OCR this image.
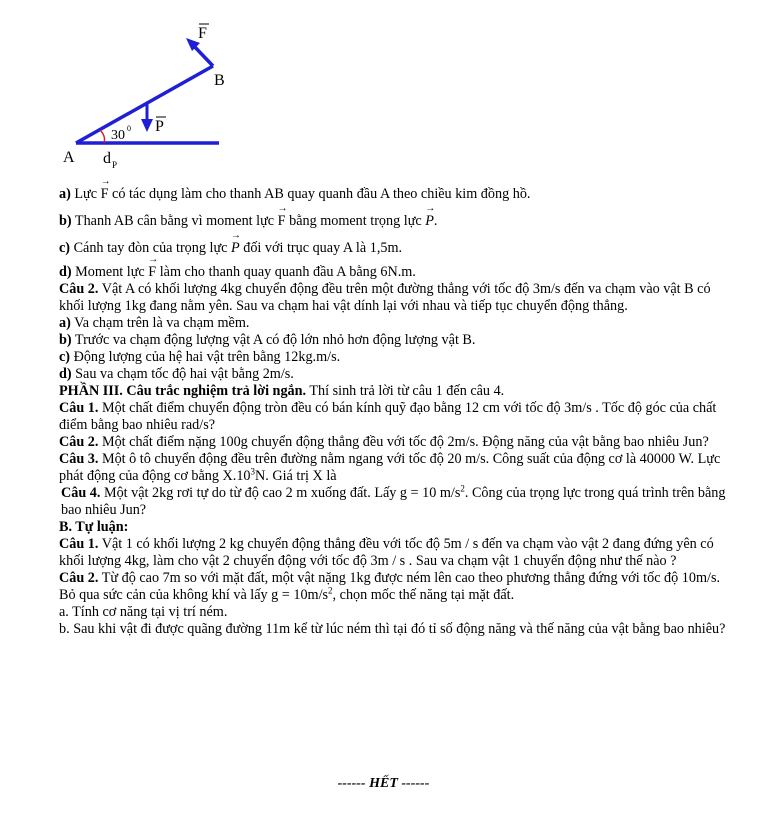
F
B
P
30 0
A d P
a) Lực
→
F có tác dụng làm cho thanh AB quay quanh đầu A theo chiều kim đồng hồ.
b) Thanh AB cân bằng vì moment lực
→
F bằng moment trọng lực
→
P.
c) Cánh tay đòn của trọng lực
→
P đối với trục quay A là 1,5m.
d) Moment lực
→
F làm cho thanh quay quanh đầu A bằng 6N.m.
Câu 2. Vật A có khối lượng 4kg chuyển động đều trên một đường thẳng với tốc độ 3m/s đến va chạm vào vật B có khối lượng 1kg đang nằm yên. Sau va chạm hai vật dính lại với nhau và tiếp tục chuyển động thẳng.
a) Va chạm trên là va chạm mềm.
b) Trước va chạm động lượng vật A có độ lớn nhỏ hơn động lượng vật B.
c) Động lượng của hệ hai vật trên bằng 12kg.m/s.
d) Sau va chạm tốc độ hai vật bằng 2m/s.
PHẦN III. Câu trắc nghiệm trả lời ngắn. Thí sinh trả lời từ câu 1 đến câu 4.
Câu 1. Một chất điểm chuyển động tròn đều có bán kính quỹ đạo bằng 12 cm với tốc độ 3m/s . Tốc độ góc của chất điểm bằng bao nhiêu rad/s?
Câu 2. Một chất điểm nặng 100g chuyển động thẳng đều với tốc độ 2m/s. Động năng của vật bằng bao nhiêu Jun?
Câu 3. Một ô tô chuyển động đều trên đường nằm ngang với tốc độ 20 m/s. Công suất của động cơ là 40000 W. Lực phát động của động cơ bằng $X.10^3N$. Giá trị X là
Câu 4. Một vật 2kg rơi tự do từ độ cao 2 m xuống đất. Lấy g = 10 $m/s^2$. Công của trọng lực trong quá trình trên bằng bao nhiêu Jun?
B. Tự luận:
Câu 1. Vật 1 có khối lượng 2 kg chuyển động thẳng đều với tốc độ 5m / s đến va chạm vào vật 2 đang đứng yên có khối lượng 4kg, làm cho vật 2 chuyển động với tốc độ 3m / s . Sau va chạm vật 1 chuyển động như thế nào ?
Câu 2. Từ độ cao 7m so với mặt đất, một vật nặng 1kg được ném lên cao theo phương thẳng đứng với tốc độ 10m/s. Bỏ qua sức cản của không khí và lấy $g = 10m/s^2$, chọn mốc thế năng tại mặt đất.
a. Tính cơ năng tại vị trí ném.
b. Sau khi vật đi được quãng đường 11m kể từ lúc ném thì tại đó tỉ số động năng và thế năng của vật bằng bao nhiêu?
------ HẾT ------
